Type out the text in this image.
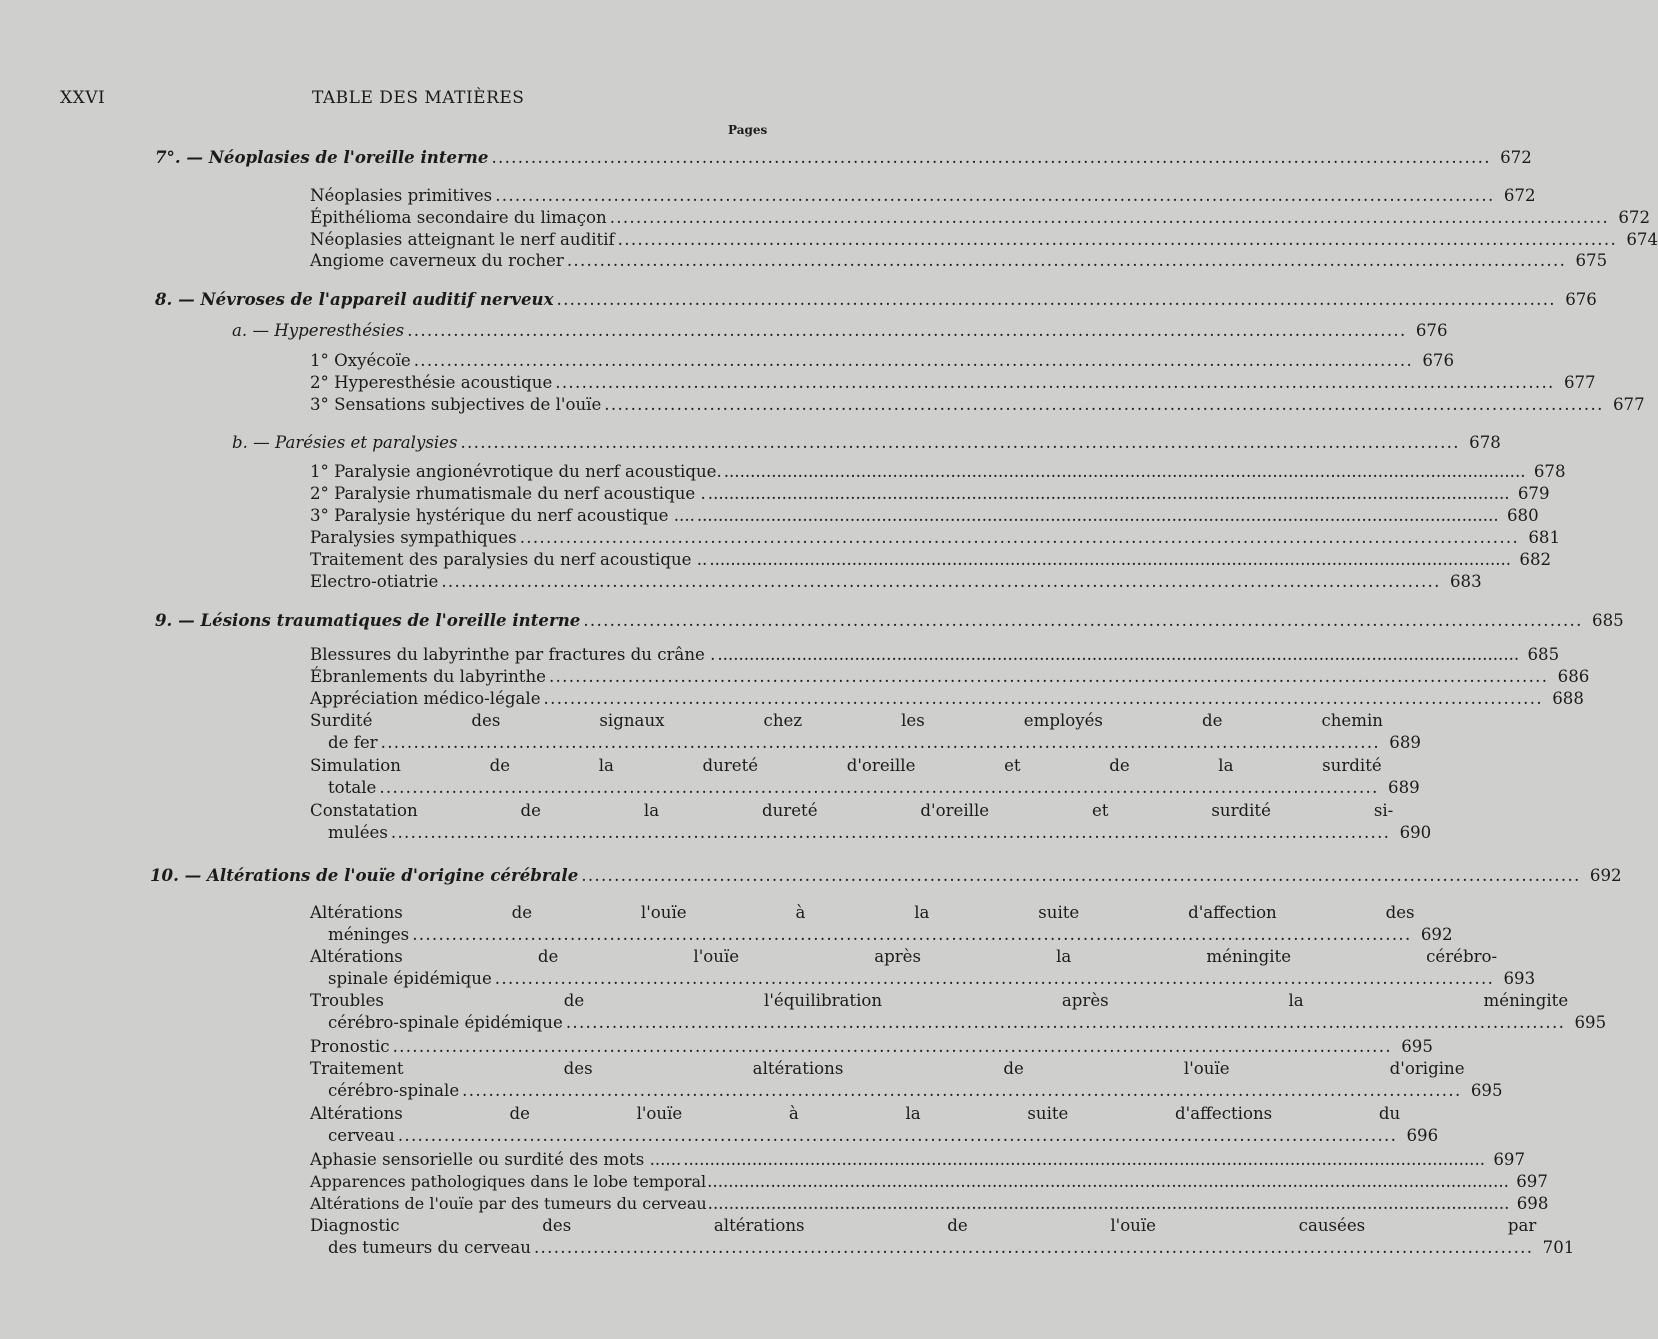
XXVI	TABLE DES MATIÈRES
Pages
7°. — Néoplasies de l'oreille interne .....	672
Néoplasies primitives .....	672
Épithélioma secondaire du limaçon .....	672
Néoplasies atteignant le nerf auditif .....	674
Angiome caverneux du rocher .....	675
8. — Névroses de l'appareil auditif nerveux .....	676
a. — Hyperesthésies .....	676
1° Oxyécoïe .....	676
2° Hyperesthésie acoustique .....	677
3° Sensations subjectives de l'ouïe .....	677
b. — Parésies et paralysies .....	678
1° Paralysie angionévrotique du nerf acoustique. .....	678
2° Paralysie rhumatismale du nerf acoustique . .....	679
3° Paralysie hystérique du nerf acoustique .... .....	680
Paralysies sympathiques .....	681
Traitement des paralysies du nerf acoustique .. .....	682
Electro-otiatrie .....	683
9. — Lésions traumatiques de l'oreille interne .....	685
Blessures du labyrinthe par fractures du crâne . .....	685
Ébranlements du labyrinthe .....	686
Appréciation médico-légale .....	688
Surdité des signaux chez les employés de chemin
de fer .....	689
Simulation de la dureté d'oreille et de la surdité
totale .....	689
Constatation de la dureté d'oreille et surdité si-
mulées .....	690
10. — Altérations de l'ouïe d'origine cérébrale .....	692
Altérations de l'ouïe à la suite d'affection des
méninges .....	692
Altérations de l'ouïe après la méningite cérébro-
spinale épidémique .....	693
Troubles de l'équilibration après la méningite
cérébro-spinale épidémique .....	695
Pronostic .....	695
Traitement des altérations de l'ouïe d'origine
cérébro-spinale .....	695
Altérations de l'ouïe à la suite d'affections du
cerveau .....	696
Aphasie sensorielle ou surdité des mots ...... .....	697
Apparences pathologiques dans le lobe temporal .....	697
Altérations de l'ouïe par des tumeurs du cerveau .....	698
Diagnostic des altérations de l'ouïe causées par
des tumeurs du cerveau .....	701
